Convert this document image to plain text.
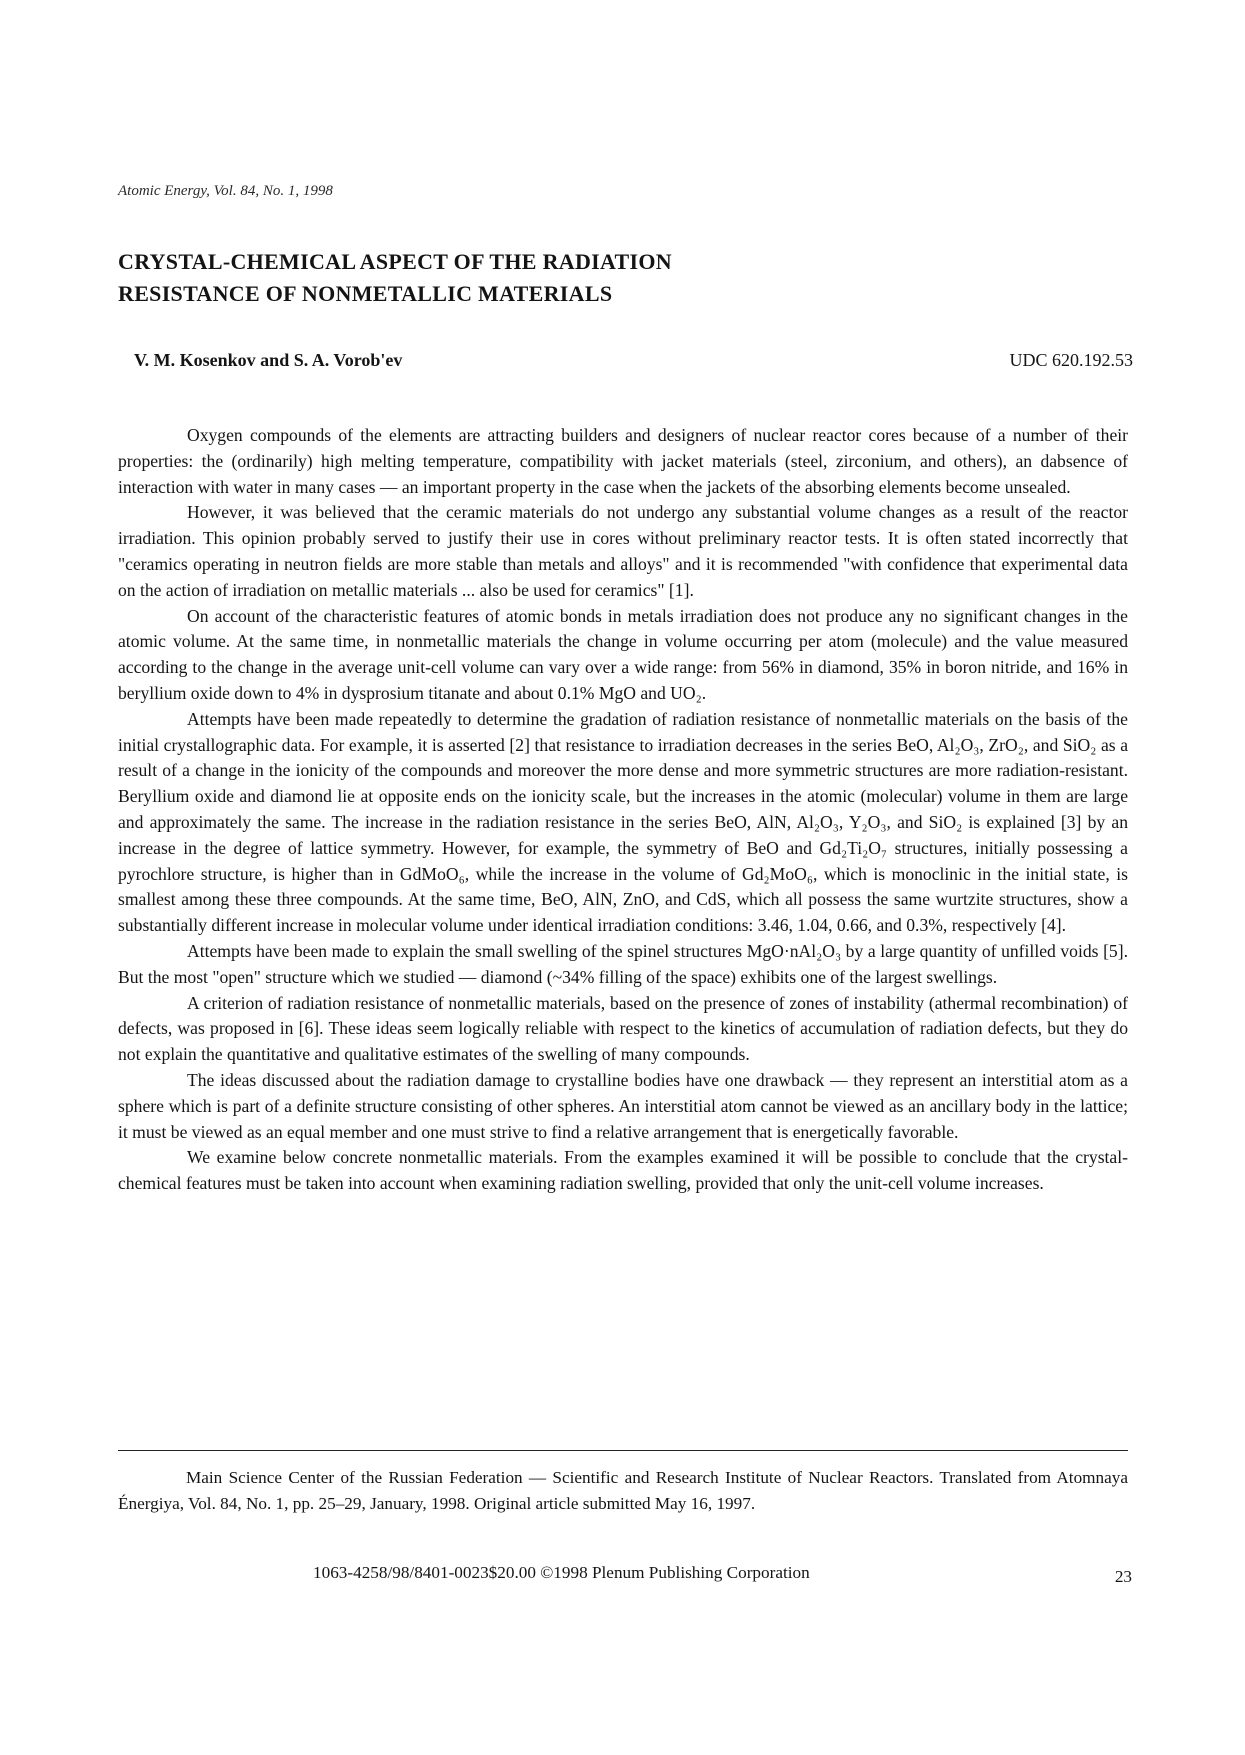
Atomic Energy, Vol. 84, No. 1, 1998
CRYSTAL-CHEMICAL ASPECT OF THE RADIATION
RESISTANCE OF NONMETALLIC MATERIALS
V. M. Kosenkov and S. A. Vorob'ev	UDC 620.192.53

Oxygen compounds of the elements are attracting builders and designers of nuclear reactor cores because of a number of their properties: the (ordinarily) high melting temperature, compatibility with jacket materials (steel, zirconium, and others), an dabsence of interaction with water in many cases — an important property in the case when the jackets of the absorbing elements become unsealed.

However, it was believed that the ceramic materials do not undergo any substantial volume changes as a result of the reactor irradiation. This opinion probably served to justify their use in cores without preliminary reactor tests. It is often stated incorrectly that "ceramics operating in neutron fields are more stable than metals and alloys" and it is recommended "with confidence that experimental data on the action of irradiation on metallic materials ... also be used for ceramics" [1].

On account of the characteristic features of atomic bonds in metals irradiation does not produce any no significant changes in the atomic volume. At the same time, in nonmetallic materials the change in volume occurring per atom (molecule) and the value measured according to the change in the average unit-cell volume can vary over a wide range: from 56% in diamond, 35% in boron nitride, and 16% in beryllium oxide down to 4% in dysprosium titanate and about 0.1% MgO and UO₂.

Attempts have been made repeatedly to determine the gradation of radiation resistance of nonmetallic materials on the basis of the initial crystallographic data. For example, it is asserted [2] that resistance to irradiation decreases in the series BeO, Al₂O₃, ZrO₂, and SiO₂ as a result of a change in the ionicity of the compounds and moreover the more dense and more symmetric structures are more radiation-resistant. Beryllium oxide and diamond lie at opposite ends on the ionicity scale, but the increases in the atomic (molecular) volume in them are large and approximately the same. The increase in the radiation resistance in the series BeO, AlN, Al₂O₃, Y₂O₃, and SiO₂ is explained [3] by an increase in the degree of lattice symmetry. However, for example, the symmetry of BeO and Gd₂Ti₂O₇ structures, initially possessing a pyrochlore structure, is higher than in GdMoO₆, while the increase in the volume of Gd₂MoO₆, which is monoclinic in the initial state, is smallest among these three compounds. At the same time, BeO, AlN, ZnO, and CdS, which all possess the same wurtzite structures, show a substantially different increase in molecular volume under identical irradiation conditions: 3.46, 1.04, 0.66, and 0.3%, respectively [4].

Attempts have been made to explain the small swelling of the spinel structures MgO·nAl₂O₃ by a large quantity of unfilled voids [5]. But the most "open" structure which we studied — diamond (~34% filling of the space) exhibits one of the largest swellings.

A criterion of radiation resistance of nonmetallic materials, based on the presence of zones of instability (athermal recombination) of defects, was proposed in [6]. These ideas seem logically reliable with respect to the kinetics of accumulation of radiation defects, but they do not explain the quantitative and qualitative estimates of the swelling of many compounds.

The ideas discussed about the radiation damage to crystalline bodies have one drawback — they represent an interstitial atom as a sphere which is part of a definite structure consisting of other spheres. An interstitial atom cannot be viewed as an ancillary body in the lattice; it must be viewed as an equal member and one must strive to find a relative arrangement that is energetically favorable.

We examine below concrete nonmetallic materials. From the examples examined it will be possible to conclude that the crystal-chemical features must be taken into account when examining radiation swelling, provided that only the unit-cell volume increases.

Main Science Center of the Russian Federation — Scientific and Research Institute of Nuclear Reactors. Translated from Atomnaya Énergiya, Vol. 84, No. 1, pp. 25–29, January, 1998. Original article submitted May 16, 1997.

1063-4258/98/8401-0023$20.00 ©1998 Plenum Publishing Corporation	23
